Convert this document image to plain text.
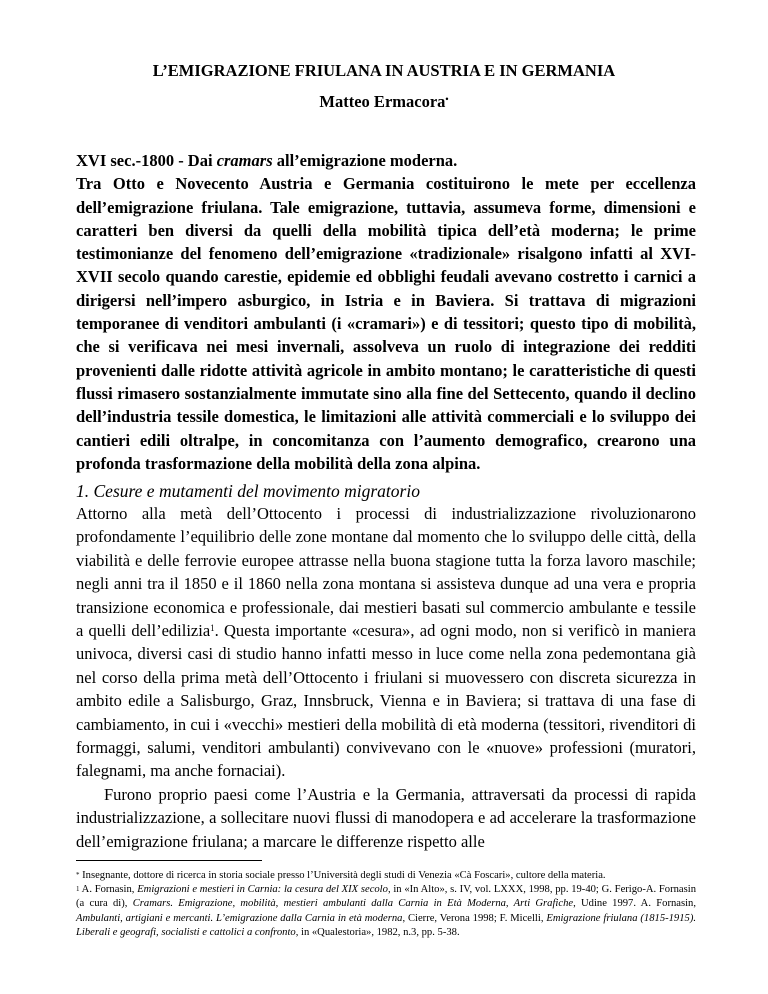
L’EMIGRAZIONE FRIULANA IN AUSTRIA E IN GERMANIA
Matteo Ermacora•

XVI sec.-1800 - Dai cramars all’emigrazione moderna.

Tra Otto e Novecento Austria e Germania costituirono le mete per eccellenza dell’emigrazione friulana. Tale emigrazione, tuttavia, assumeva forme, dimensioni e caratteri ben diversi da quelli della mobilità tipica dell’età moderna; le prime testimonianze del fenomeno dell’emigrazione «tradizionale» risalgono infatti al XVI-XVII secolo quando carestie, epidemie ed obblighi feudali avevano costretto i carnici a dirigersi nell’impero asburgico, in Istria e in Baviera. Si trattava di migrazioni temporanee di venditori ambulanti (i «cramari») e di tessitori; questo tipo di mobilità, che si verificava nei mesi invernali, assolveva un ruolo di integrazione dei redditi provenienti dalle ridotte attività agricole in ambito montano; le caratteristiche di questi flussi rimasero sostanzialmente immutate sino alla fine del Settecento, quando il declino dell’industria tessile domestica, le limitazioni alle attività commerciali e lo sviluppo dei cantieri edili oltralpe, in concomitanza con l’aumento demografico, crearono una profonda trasformazione della mobilità della zona alpina.

1. Cesure e mutamenti del movimento migratorio

Attorno alla metà dell’Ottocento i processi di industrializzazione rivoluzionarono profondamente l’equilibrio delle zone montane dal momento che lo sviluppo delle città, della viabilità e delle ferrovie europee attrasse nella buona stagione tutta la forza lavoro maschile; negli anni tra il 1850 e il 1860 nella zona montana si assisteva dunque ad una vera e propria transizione economica e professionale, dai mestieri basati sul commercio ambulante e tessile a quelli dell’edilizia$^1$. Questa importante «cesura», ad ogni modo, non si verificò in maniera univoca, diversi casi di studio hanno infatti messo in luce come nella zona pedemontana già nel corso della prima metà dell’Ottocento i friulani si muovessero con discreta sicurezza in ambito edile a Salisburgo, Graz, Innsbruck, Vienna e in Baviera; si trattava di una fase di cambiamento, in cui i «vecchi» mestieri della mobilità di età moderna (tessitori, rivenditori di formaggi, salumi, venditori ambulanti) convivevano con le «nuove» professioni (muratori, falegnami, ma anche fornaciai).

Furono proprio paesi come l’Austria e la Germania, attraversati da processi di rapida industrializzazione, a sollecitare nuovi flussi di manodopera e ad accelerare la trasformazione dell’emigrazione friulana; a marcare le differenze rispetto alle

* Insegnante, dottore di ricerca in storia sociale presso l’Università degli studi di Venezia «Cà Foscari», cultore della materia.

$^1$ A. Fornasin, Emigrazioni e mestieri in Carnia: la cesura del XIX secolo, in «In Alto», s. IV, vol. LXXX, 1998, pp. 19-40; G. Ferigo-A. Fornasin (a cura di), Cramars. Emigrazione, mobilità, mestieri ambulanti dalla Carnia in Età Moderna, Arti Grafiche, Udine 1997. A. Fornasin, Ambulanti, artigiani e mercanti. L’emigrazione dalla Carnia in età moderna, Cierre, Verona 1998; F. Micelli, Emigrazione friulana (1815-1915). Liberali e geografi, socialisti e cattolici a confronto, in «Qualestoria», 1982, n.3, pp. 5-38.
